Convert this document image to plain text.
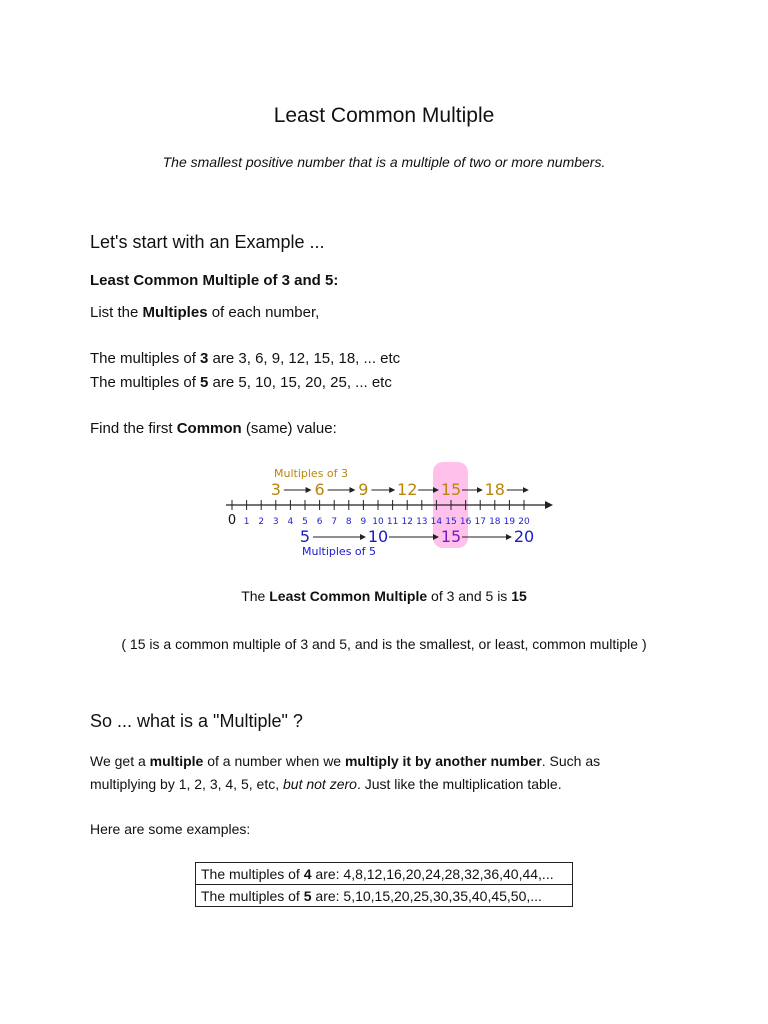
Least Common Multiple
The smallest positive number that is a multiple of two or more numbers.
Let's start with an Example ...
Least Common Multiple of 3 and 5:
List the Multiples of each number,
The multiples of 3 are 3, 6, 9, 12, 15, 18, ... etc
The multiples of 5 are 5, 10, 15, 20, 25, ... etc
Find the first Common (same) value:
Multiples of 3
3 6 9 12 15 18
0 1 2 3 4 5 6 7 8 9 10 11 12 13 14 15 16 17 18 19 20
5	10	15	20
Multiples of 5
The Least Common Multiple of 3 and 5 is 15
( 15 is a common multiple of 3 and 5, and is the smallest, or least, common multiple )
So ... what is a "Multiple" ?
We get a multiple of a number when we multiply it by another number. Such as
multiplying by 1, 2, 3, 4, 5, etc, but not zero. Just like the multiplication table.
Here are some examples:
The multiples of 4 are: 4,8,12,16,20,24,28,32,36,40,44,...
The multiples of 5 are: 5,10,15,20,25,30,35,40,45,50,...
